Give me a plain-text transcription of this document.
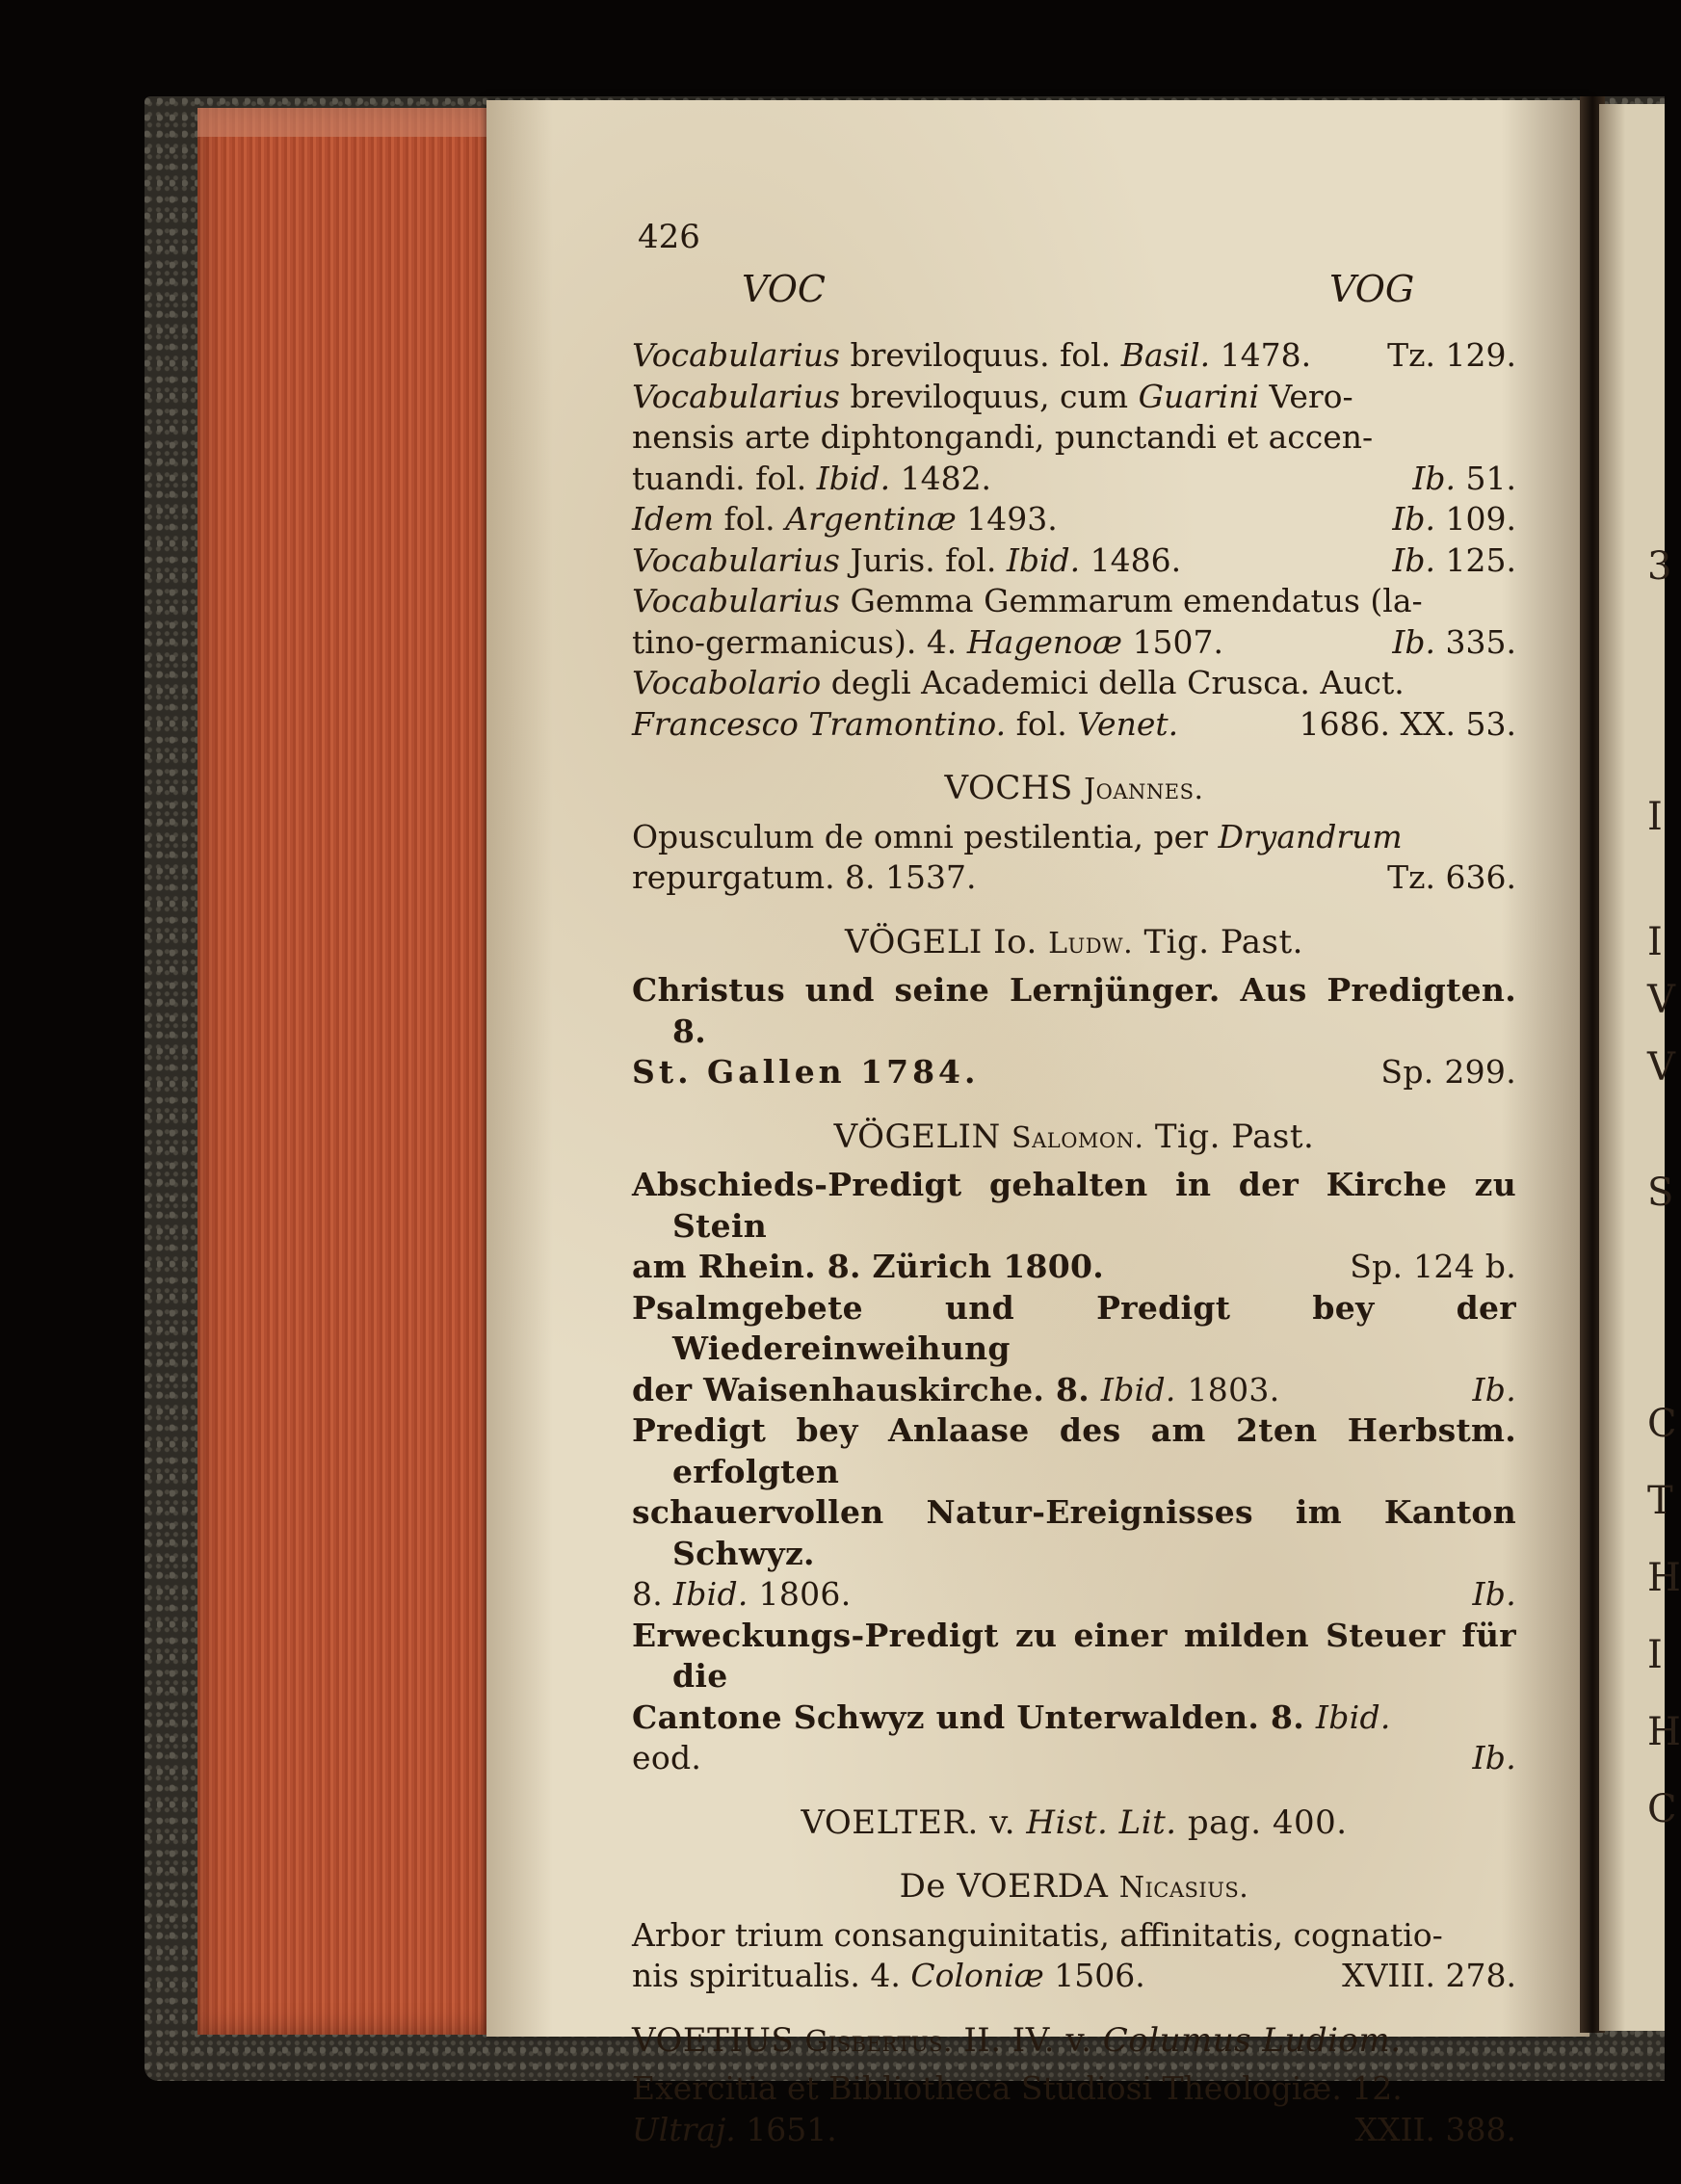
3
I
I
V
V
S
C
T
H
I
H
C
426
VOC	VOG
Vocabularius breviloquus. fol. Basil. 1478. Tz. 129.
Vocabularius breviloquus, cum Guarini Vero-
nensis arte diphtongandi, punctandi et accen-
tuandi. fol. Ibid. 1482.	Ib. 51.
Idem fol. Argentinæ 1493.	Ib. 109.
Vocabularius Juris. fol. Ibid. 1486.	Ib. 125.
Vocabularius Gemma Gemmarum emendatus (la-
tino-germanicus). 4. Hagenoæ 1507.	Ib. 335.
Vocabolario degli Academici della Crusca. Auct.
Francesco Tramontino. fol. Venet.	1686. XX. 53.
VOCHS Joannes.
Opusculum de omni pestilentia, per Dryandrum
repurgatum. 8. 1537.	Tz. 636.
VÖGELI Io. Ludw. Tig. Past.
Christus und seine Lernjünger. Aus Predigten. 8.
St. Gallen 1784.	Sp. 299.
VÖGELIN Salomon. Tig. Past.
Abschieds-Predigt gehalten in der Kirche zu Stein
am Rhein. 8. Zürich 1800.	Sp. 124 b.
Psalmgebete und Predigt bey der Wiedereinweihung
der Waisenhauskirche. 8. Ibid. 1803.	Ib.
Predigt bey Anlaase des am 2ten Herbstm. erfolgten
schauervollen Natur-Ereignisses im Kanton Schwyz.
8. Ibid. 1806.	Ib.
Erweckungs-Predigt zu einer milden Steuer für die
Cantone Schwyz und Unterwalden. 8. Ibid.
eod.	Ib.
VOELTER. v. Hist. Lit. pag. 400.
De VOERDA Nicasius.
Arbor trium consanguinitatis, affinitatis, cognatio-
nis spiritualis. 4. Coloniæ 1506.	XVIII. 278.
VOETIUS Gisbertus. II. IV. v. Columus Ludiom.
Exercitia et Bibliotheca Studiosi Theologiæ. 12.
Ultraj. 1651.	XXII. 388.
